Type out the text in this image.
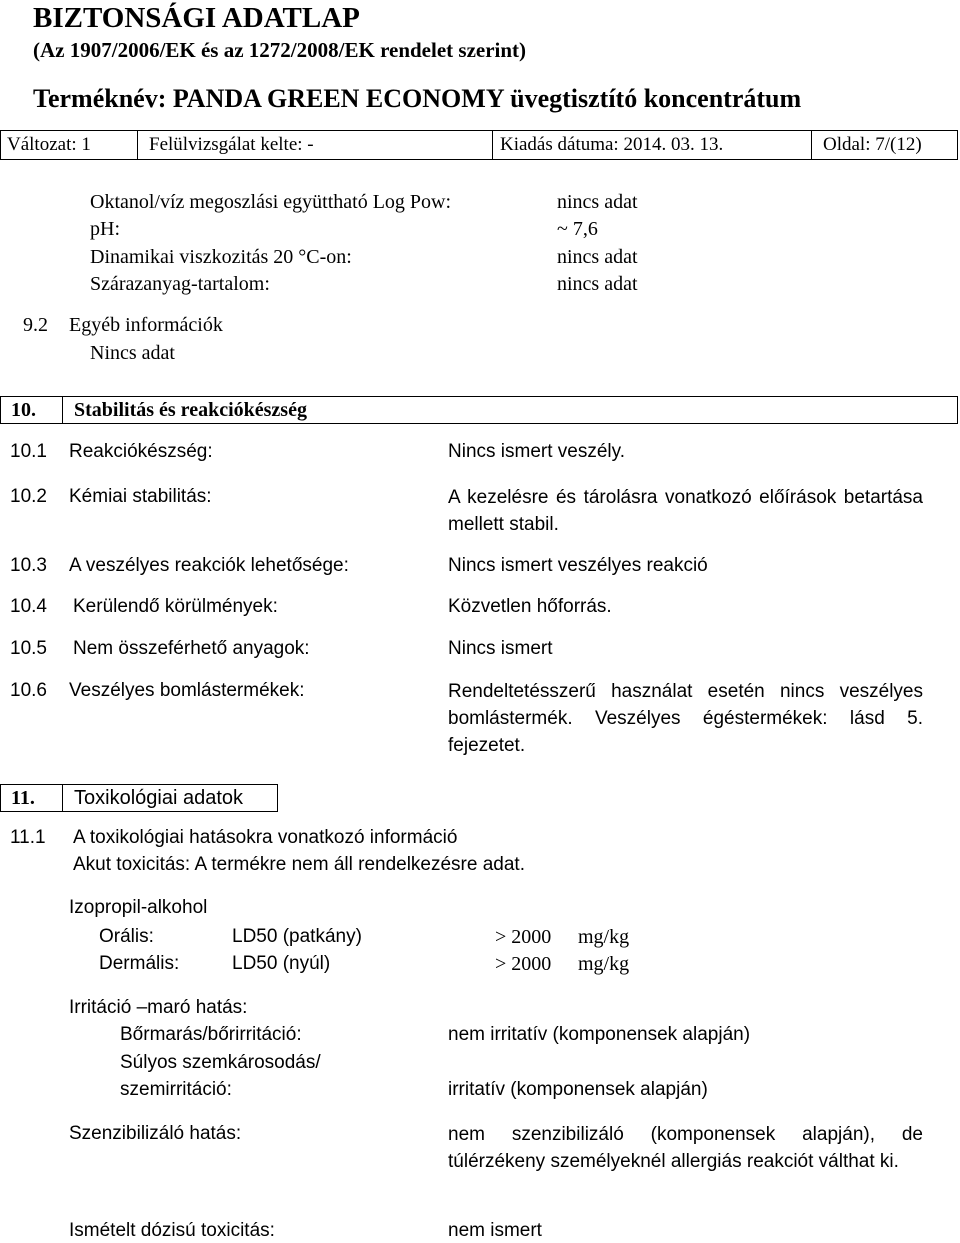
BIZTONSÁGI ADATLAP
(Az 1907/2006/EK és az 1272/2008/EK rendelet szerint)
Terméknév: PANDA GREEN ECONOMY üvegtisztító koncentrátum
Változat: 1	Felülvizsgálat kelte: -	Kiadás dátuma: 2014. 03. 13.	Oldal: 7/(12)
Oktanol/víz megoszlási együttható Log Pow:	nincs adat
pH:	~ 7,6
Dinamikai viszkozitás 20 °C-on:	nincs adat
Szárazanyag-tartalom:	nincs adat
9.2 Egyéb információk
Nincs adat
10. Stabilitás és reakciókészség
10.1 Reakciókészség:	Nincs ismert veszély.
10.2 Kémiai stabilitás:	A kezelésre és tárolásra vonatkozó előírások betartása mellett stabil.
10.3 A veszélyes reakciók lehetősége:	Nincs ismert veszélyes reakció
10.4 Kerülendő körülmények:	Közvetlen hőforrás.
10.5 Nem összeférhető anyagok:	Nincs ismert
10.6 Veszélyes bomlástermékek:	Rendeltetésszerű használat esetén nincs veszélyes bomlástermék. Veszélyes égéstermékek: lásd 5. fejezetet.
11. Toxikológiai adatok
11.1 A toxikológiai hatásokra vonatkozó információ
Akut toxicitás: A termékre nem áll rendelkezésre adat.
Izopropil-alkohol
Orális:	LD50 (patkány)	> 2000 mg/kg
Dermális:	LD50 (nyúl)	> 2000 mg/kg
Irritáció –maró hatás:
Bőrmarás/bőrirritáció:	nem irritatív (komponensek alapján)
Súlyos szemkárosodás/
szemirritáció:	irritatív (komponensek alapján)
Szenzibilizáló hatás:	nem szenzibilizáló (komponensek alapján), de túlérzékeny személyeknél allergiás reakciót válthat ki.
Ismételt dózisú toxicitás:	nem ismert
